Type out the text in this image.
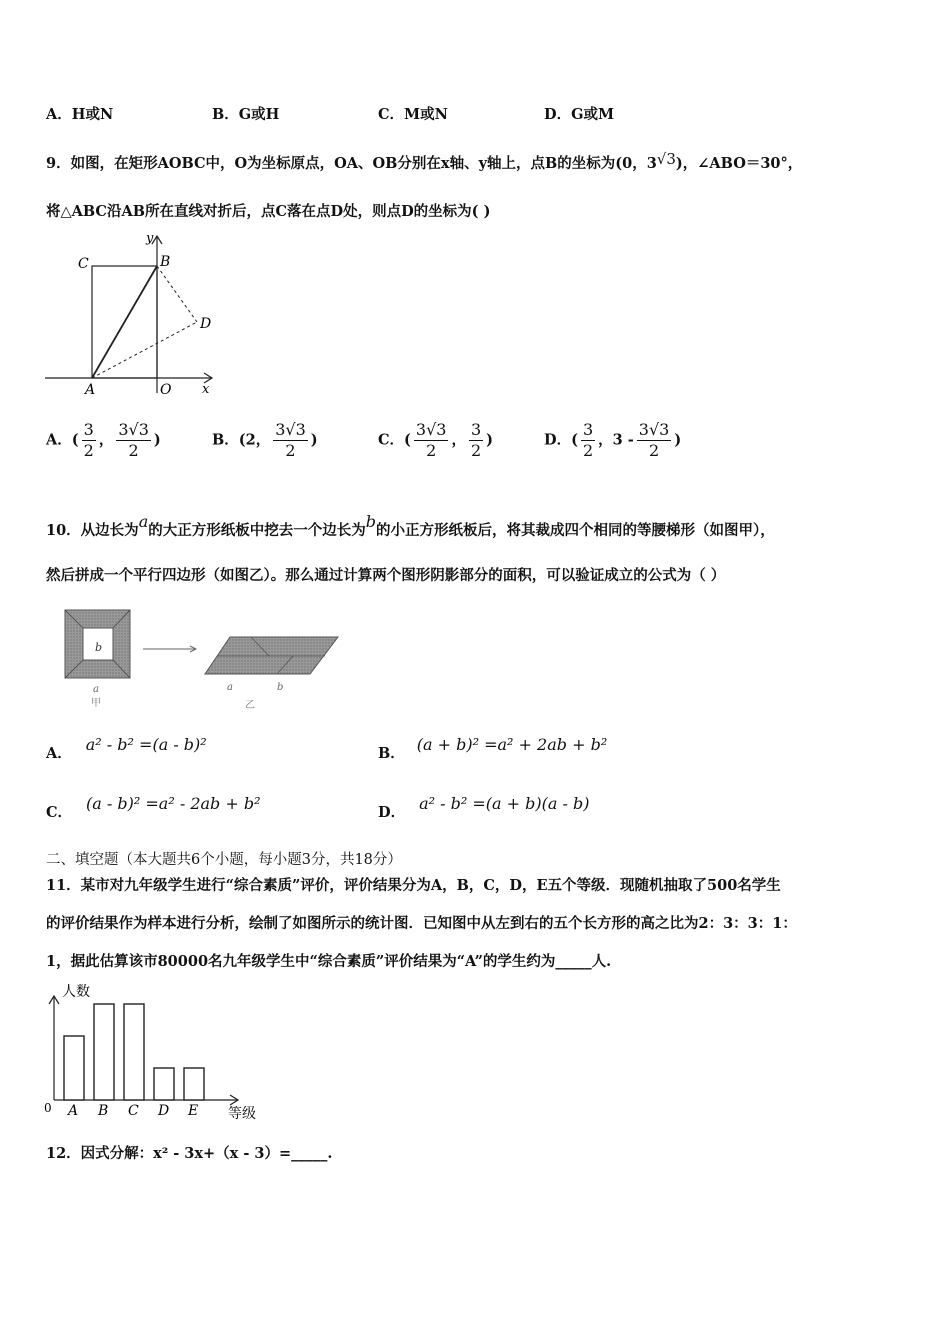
A．H或N	B．G或H	C．M或N	D．G或M
9．如图，在矩形AOBC中，O为坐标原点，OA、OB分别在x轴、y轴上，点B的坐标为(0，3√3)，∠ABO＝30°，
将△ABC沿AB所在直线对折后，点C落在点D处，则点D的坐标为( )
C	B
D
A	O x
y
A．( $\frac{3}{2}$ ， $\frac{3√3}{2}$ )	B．(2， $\frac{3√3}{2}$ )	C．( $\frac{3√3}{2}$ ， $\frac{3}{2}$ )	D．( $\frac{3}{2}$ ，$3 - \frac{3√3}{2}$ )
10．从边长为a的大正方形纸板中挖去一个边长为b的小正方形纸板后，将其裁成四个相同的等腰梯形（如图甲），
然后拼成一个平行四边形（如图乙）。那么通过计算两个图形阴影部分的面积，可以验证成立的公式为（ ）
b
a
甲
a	b
乙
A． a² - b² =(a - b)²	B． (a + b)² =a² + 2ab + b²
C． (a - b)² =a² - 2ab + b²	D． a² - b² =(a + b)(a - b)
二、填空题（本大题共6个小题，每小题3分，共18分）
11．某市对九年级学生进行“综合素质”评价，评价结果分为A，B，C，D，E五个等级．现随机抽取了500名学生
的评价结果作为样本进行分析，绘制了如图所示的统计图．已知图中从左到右的五个长方形的高之比为2：3：3：1：
1，据此估算该市80000名九年级学生中“综合素质”评价结果为“A”的学生约为_____人.
人数
0	等级
A B C D E
12．因式分解：x² - 3x+（x - 3）=_____.
